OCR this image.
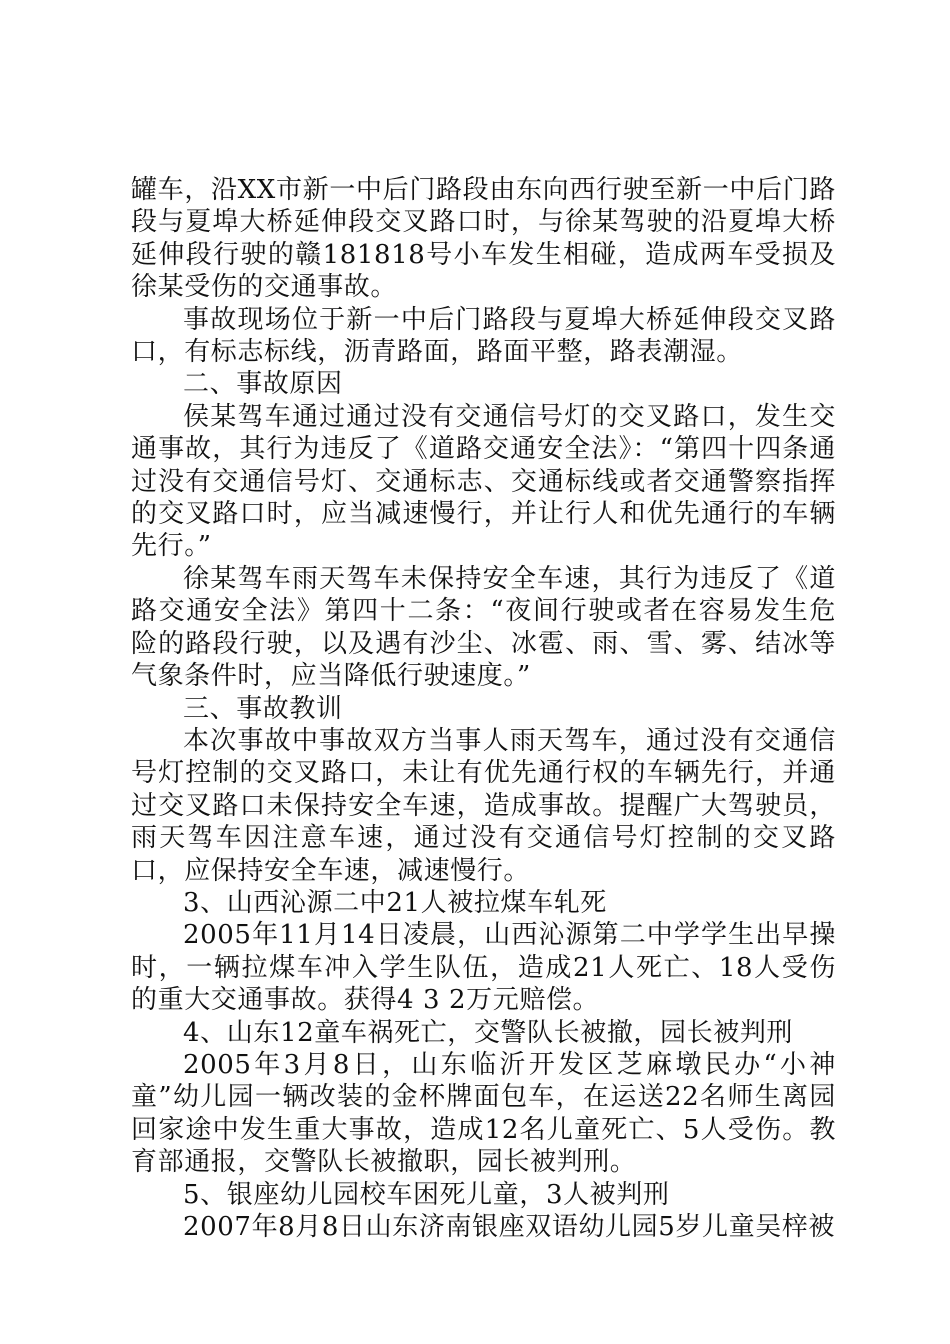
罐车，沿XX市新一中后门路段由东向西行驶至新一中后门路段与夏埠大桥延伸段交叉路口时，与徐某驾驶的沿夏埠大桥延伸段行驶的赣181818号小车发生相碰，造成两车受损及徐某受伤的交通事故。

事故现场位于新一中后门路段与夏埠大桥延伸段交叉路口，有标志标线，沥青路面，路面平整，路表潮湿。

二、事故原因

侯某驾车通过通过没有交通信号灯的交叉路口，发生交通事故，其行为违反了《道路交通安全法》：“第四十四条通过没有交通信号灯、交通标志、交通标线或者交通警察指挥的交叉路口时，应当减速慢行，并让行人和优先通行的车辆先行。”

徐某驾车雨天驾车未保持安全车速，其行为违反了《道路交通安全法》第四十二条：“夜间行驶或者在容易发生危险的路段行驶，以及遇有沙尘、冰雹、雨、雪、雾、结冰等气象条件时，应当降低行驶速度。”

三、事故教训

本次事故中事故双方当事人雨天驾车，通过没有交通信号灯控制的交叉路口，未让有优先通行权的车辆先行，并通过交叉路口未保持安全车速，造成事故。提醒广大驾驶员，雨天驾车因注意车速，通过没有交通信号灯控制的交叉路口，应保持安全车速，减速慢行。

3、山西沁源二中21人被拉煤车轧死

2005年11月14日凌晨，山西沁源第二中学学生出早操时，一辆拉煤车冲入学生队伍，造成21人死亡、18人受伤的重大交通事故。获得4 3 2万元赔偿。

4、山东12童车祸死亡，交警队长被撤，园长被判刑

2005年3月8日，山东临沂开发区芝麻墩民办“小神童”幼儿园一辆改装的金杯牌面包车，在运送22名师生离园回家途中发生重大事故，造成12名儿童死亡、5人受伤。教育部通报，交警队长被撤职，园长被判刑。

5、银座幼儿园校车困死儿童，3人被判刑

2007年8月8日山东济南银座双语幼儿园5岁儿童吴梓被
